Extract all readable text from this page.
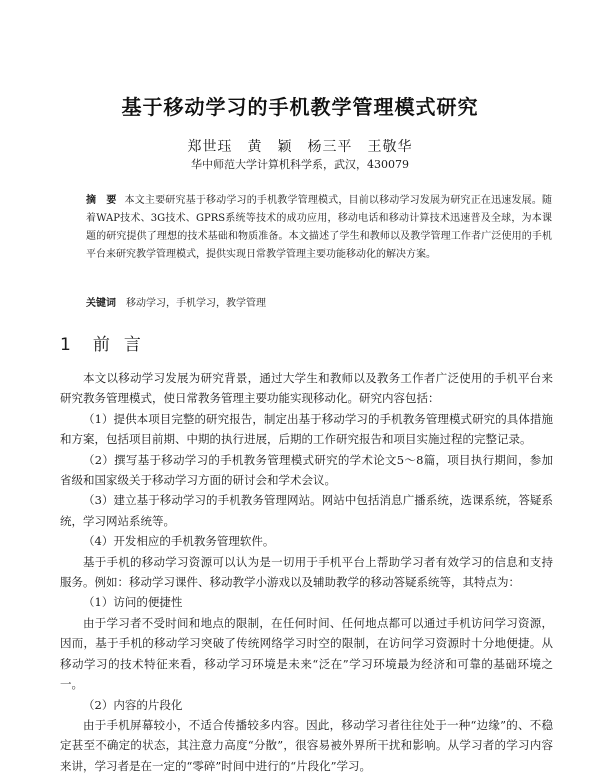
基于移动学习的手机教学管理模式研究
郑世珏　黄　颖　杨三平　王敬华
华中师范大学计算机科学系，武汉，430079
摘　要 本文主要研究基于移动学习的手机教学管理模式，目前以移动学习发展为研究正在迅速发展。随着WAP技术、3G技术、GPRS系统等技术的成功应用，移动电话和移动计算技术迅速普及全球，为本课题的研究提供了理想的技术基础和物质准备。本文描述了学生和教师以及教学管理工作者广泛使用的手机平台来研究教学管理模式，提供实现日常教学管理主要功能移动化的解决方案。
关键词 移动学习，手机学习，教学管理
1 前言

本文以移动学习发展为研究背景，通过大学生和教师以及教务工作者广泛使用的手机平台来研究教务管理模式，使日常教务管理主要功能实现移动化。研究内容包括：

（1）提供本项目完整的研究报告，制定出基于移动学习的手机教务管理模式研究的具体措施和方案，包括项目前期、中期的执行进展，后期的工作研究报告和项目实施过程的完整记录。

（2）撰写基于移动学习的手机教务管理模式研究的学术论文5～8篇，项目执行期间，参加省级和国家级关于移动学习方面的研讨会和学术会议。

（3）建立基于移动学习的手机教务管理网站。网站中包括消息广播系统，选课系统，答疑系统，学习网站系统等。

（4）开发相应的手机教务管理软件。

基于手机的移动学习资源可以认为是一切用于手机平台上帮助学习者有效学习的信息和支持服务。例如：移动学习课件、移动教学小游戏以及辅助教学的移动答疑系统等，其特点为：

（1）访问的便捷性

由于学习者不受时间和地点的限制，在任何时间、任何地点都可以通过手机访问学习资源，因而，基于手机的移动学习突破了传统网络学习时空的限制，在访问学习资源时十分地便捷。从移动学习的技术特征来看，移动学习环境是未来“泛在”学习环境最为经济和可靠的基础环境之一。

（2）内容的片段化

由于手机屏幕较小，不适合传播较多内容。因此，移动学习者往往处于一种“边缘”的、不稳定甚至不确定的状态，其注意力高度“分散”，很容易被外界所干扰和影响。从学习者的学习内容来讲，学习者是在一定的“零碎”时间中进行的“片段化”学习。
